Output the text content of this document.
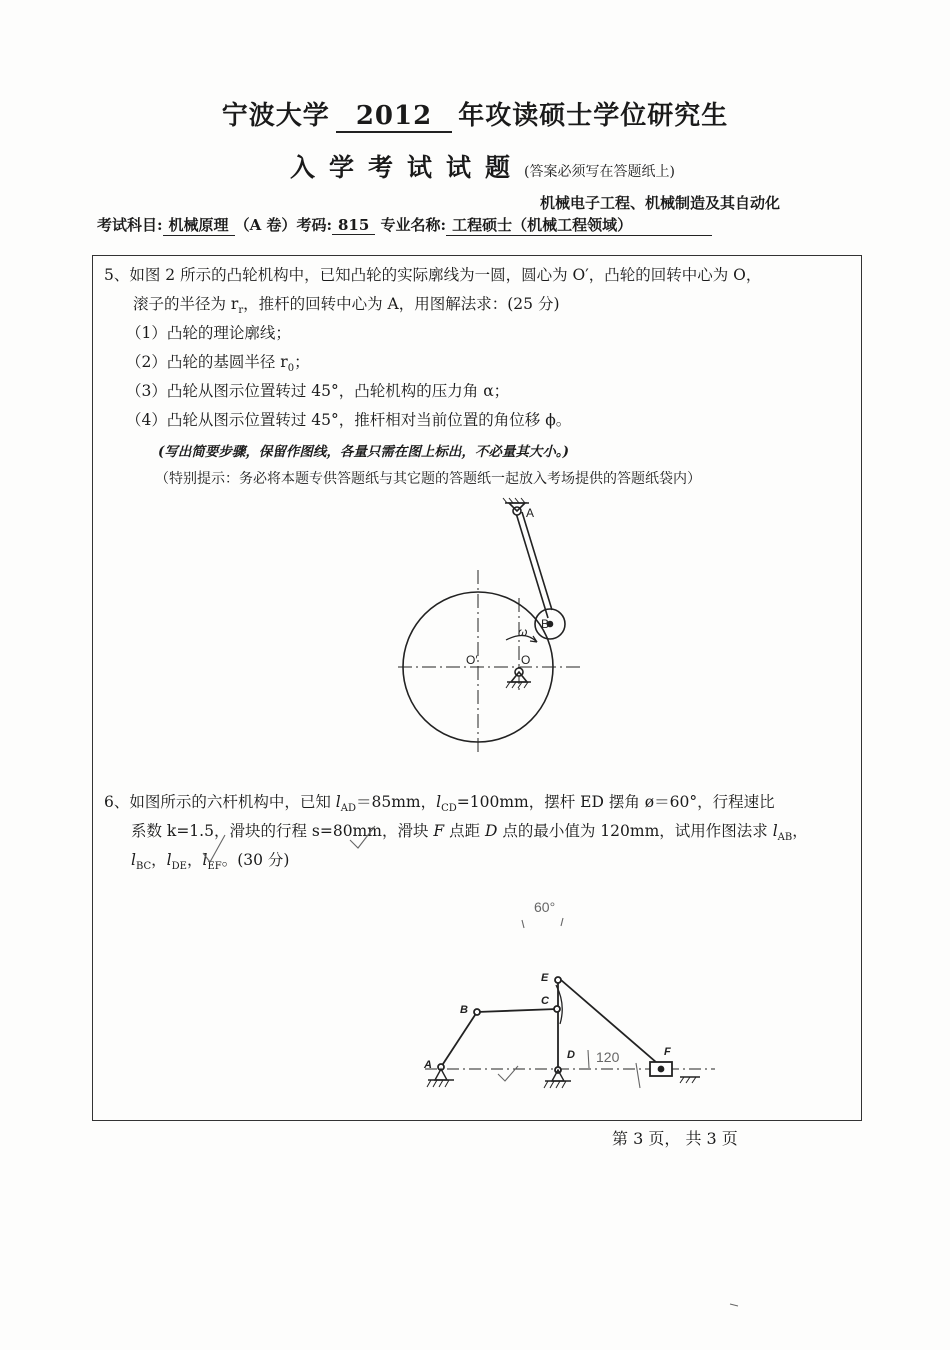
宁波大学 2012 年攻读硕士学位研究生
入学考试试题(答案必须写在答题纸上)
机械电子工程、机械制造及其自动化
考试科目: 机械原理 （A 卷）考码: 815 专业名称: 工程硕士（机械工程领域）
5、如图 2 所示的凸轮机构中，已知凸轮的实际廓线为一圆，圆心为 O′，凸轮的回转中心为 O，
滚子的半径为 $r_r$，推杆的回转中心为 A，用图解法求：(25 分)
（1）凸轮的理论廓线；
（2）凸轮的基圆半径 $r_0$；
（3）凸轮从图示位置转过 45°，凸轮机构的压力角 α；
（4）凸轮从图示位置转过 45°，推杆相对当前位置的角位移 ϕ。
(写出简要步骤，保留作图线，各量只需在图上标出，不必量其大小。)
（特别提示：务必将本题专供答题纸与其它题的答题纸一起放入考场提供的答题纸袋内）
6、如图所示的六杆机构中，已知 $l_{AD}=85mm$，$l_{CD}=100mm$，摆杆 ED 摆角 ø＝60°，行程速比
系数 k=1.5，滑块的行程 s=80mm，滑块 F 点距 D 点的最小值为 120mm，试用作图法求 $l_{AB}$，
$l_{BC}$，$l_{DE}$，$l_{EF}$。(30 分)
A
B
O′	O
ω
A
B
C
D
E
F
60°
120
第 3 页， 共 3 页
